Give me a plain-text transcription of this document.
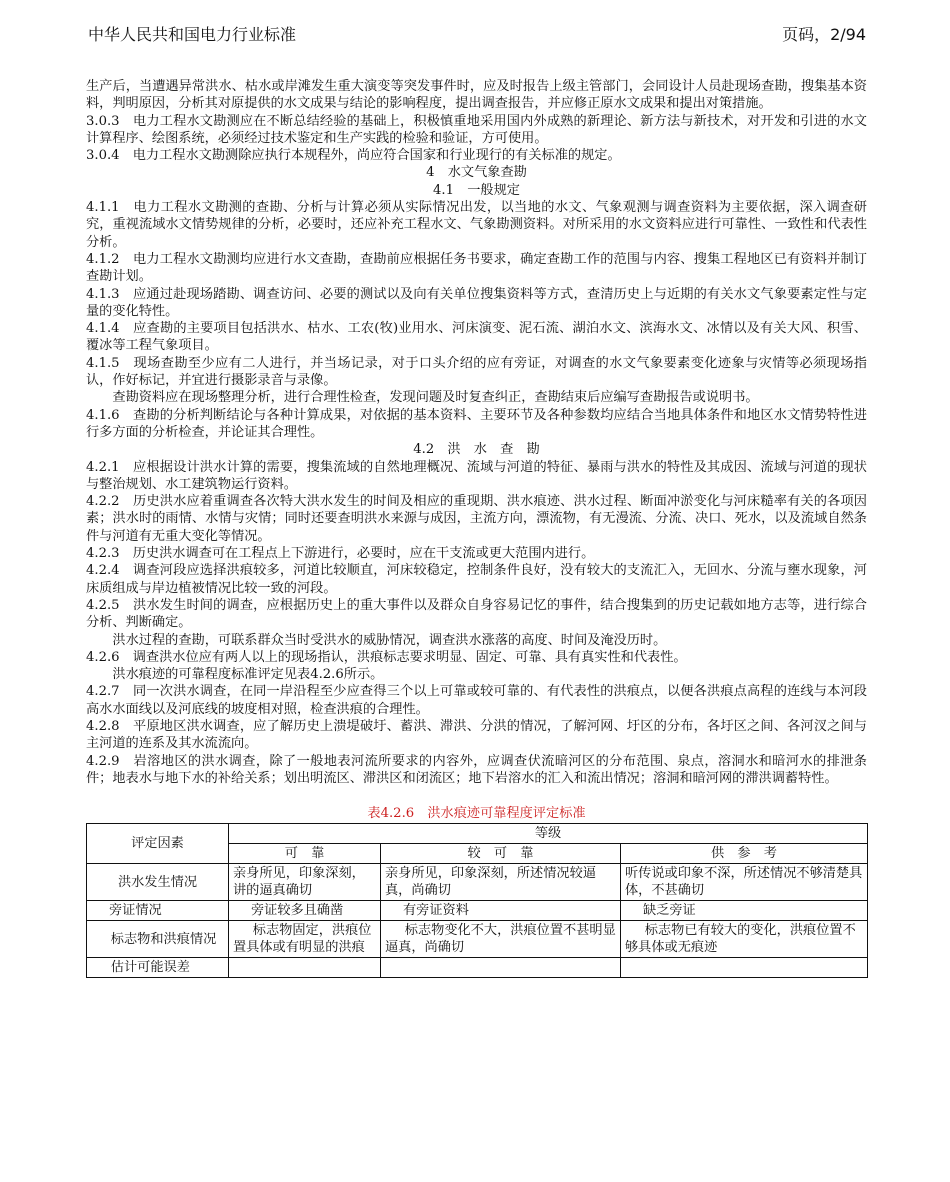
中华人民共和国电力行业标准	页码，2/94

生产后，当遭遇异常洪水、枯水或岸滩发生重大演变等突发事件时，应及时报告上级主管部门，会同设计人员赴现场查勘，搜集基本资料，判明原因，分析其对原提供的水文成果与结论的影响程度，提出调查报告，并应修正原水文成果和提出对策措施。

3.0.3　电力工程水文勘测应在不断总结经验的基础上，积极慎重地采用国内外成熟的新理论、新方法与新技术，对开发和引进的水文计算程序、绘图系统，必须经过技术鉴定和生产实践的检验和验证，方可使用。

3.0.4　电力工程水文勘测除应执行本规程外，尚应符合国家和行业现行的有关标准的规定。

4　水文气象查勘

4.1　一般规定

4.1.1　电力工程水文勘测的查勘、分析与计算必须从实际情况出发，以当地的水文、气象观测与调查资料为主要依据，深入调查研究，重视流域水文情势规律的分析，必要时，还应补充工程水文、气象勘测资料。对所采用的水文资料应进行可靠性、一致性和代表性分析。

4.1.2　电力工程水文勘测均应进行水文查勘，查勘前应根据任务书要求，确定查勘工作的范围与内容、搜集工程地区已有资料并制订查勘计划。

4.1.3　应通过赴现场踏勘、调查访问、必要的测试以及向有关单位搜集资料等方式，查清历史上与近期的有关水文气象要素定性与定量的变化特性。

4.1.4　应查勘的主要项目包括洪水、枯水、工农(牧)业用水、河床演变、泥石流、湖泊水文、滨海水文、冰情以及有关大风、积雪、覆冰等工程气象项目。

4.1.5　现场查勘至少应有二人进行，并当场记录，对于口头介绍的应有旁证，对调查的水文气象要素变化迹象与灾情等必须现场指认，作好标记，并宜进行摄影录音与录像。

查勘资料应在现场整理分析，进行合理性检查，发现问题及时复查纠正，查勘结束后应编写查勘报告或说明书。

4.1.6　查勘的分析判断结论与各种计算成果，对依据的基本资料、主要环节及各种参数均应结合当地具体条件和地区水文情势特性进行多方面的分析检查，并论证其合理性。

4.2　洪　水　查　勘

4.2.1　应根据设计洪水计算的需要，搜集流域的自然地理概况、流域与河道的特征、暴雨与洪水的特性及其成因、流域与河道的现状与整治规划、水工建筑物运行资料。

4.2.2　历史洪水应着重调查各次特大洪水发生的时间及相应的重现期、洪水痕迹、洪水过程、断面冲淤变化与河床糙率有关的各项因素；洪水时的雨情、水情与灾情；同时还要查明洪水来源与成因，主流方向，漂流物，有无漫流、分流、决口、死水，以及流域自然条件与河道有无重大变化等情况。

4.2.3　历史洪水调查可在工程点上下游进行，必要时，应在干支流或更大范围内进行。

4.2.4　调查河段应选择洪痕较多，河道比较顺直，河床较稳定，控制条件良好，没有较大的支流汇入，无回水、分流与壅水现象，河床质组成与岸边植被情况比较一致的河段。

4.2.5　洪水发生时间的调查，应根据历史上的重大事件以及群众自身容易记忆的事件，结合搜集到的历史记载如地方志等，进行综合分析、判断确定。

洪水过程的查勘，可联系群众当时受洪水的威胁情况，调查洪水涨落的高度、时间及淹没历时。

4.2.6　调查洪水位应有两人以上的现场指认，洪痕标志要求明显、固定、可靠、具有真实性和代表性。

洪水痕迹的可靠程度标准评定见表4.2.6所示。

4.2.7　同一次洪水调查，在同一岸沿程至少应查得三个以上可靠或较可靠的、有代表性的洪痕点，以便各洪痕点高程的连线与本河段高水水面线以及河底线的坡度相对照，检查洪痕的合理性。

4.2.8　平原地区洪水调查，应了解历史上溃堤破圩、蓄洪、滞洪、分洪的情况，了解河网、圩区的分布，各圩区之间、各河汊之间与主河道的连系及其水流流向。

4.2.9　岩溶地区的洪水调查，除了一般地表河流所要求的内容外，应调查伏流暗河区的分布范围、泉点，溶洞水和暗河水的排泄条件；地表水与地下水的补给关系；划出明流区、滞洪区和闭流区；地下岩溶水的汇入和流出情况；溶洞和暗河网的滞洪调蓄特性。

表4.2.6　洪水痕迹可靠程度评定标准
评定因素	等级		
	可　靠	较　可　靠	供　参　考
洪水发生情况	亲身所见，印象深刻，讲的逼真确切	亲身所见，印象深刻，所述情况较逼真，尚确切	听传说或印象不深，所述情况不够清楚具体，不甚确切
旁证情况	旁证较多且确凿	有旁证资料	缺乏旁证
标志物和洪痕情况	标志物固定，洪痕位置具体或有明显的洪痕	标志物变化不大，洪痕位置不甚明显逼真，尚确切	标志物已有较大的变化，洪痕位置不够具体或无痕迹
估计可能误差			
